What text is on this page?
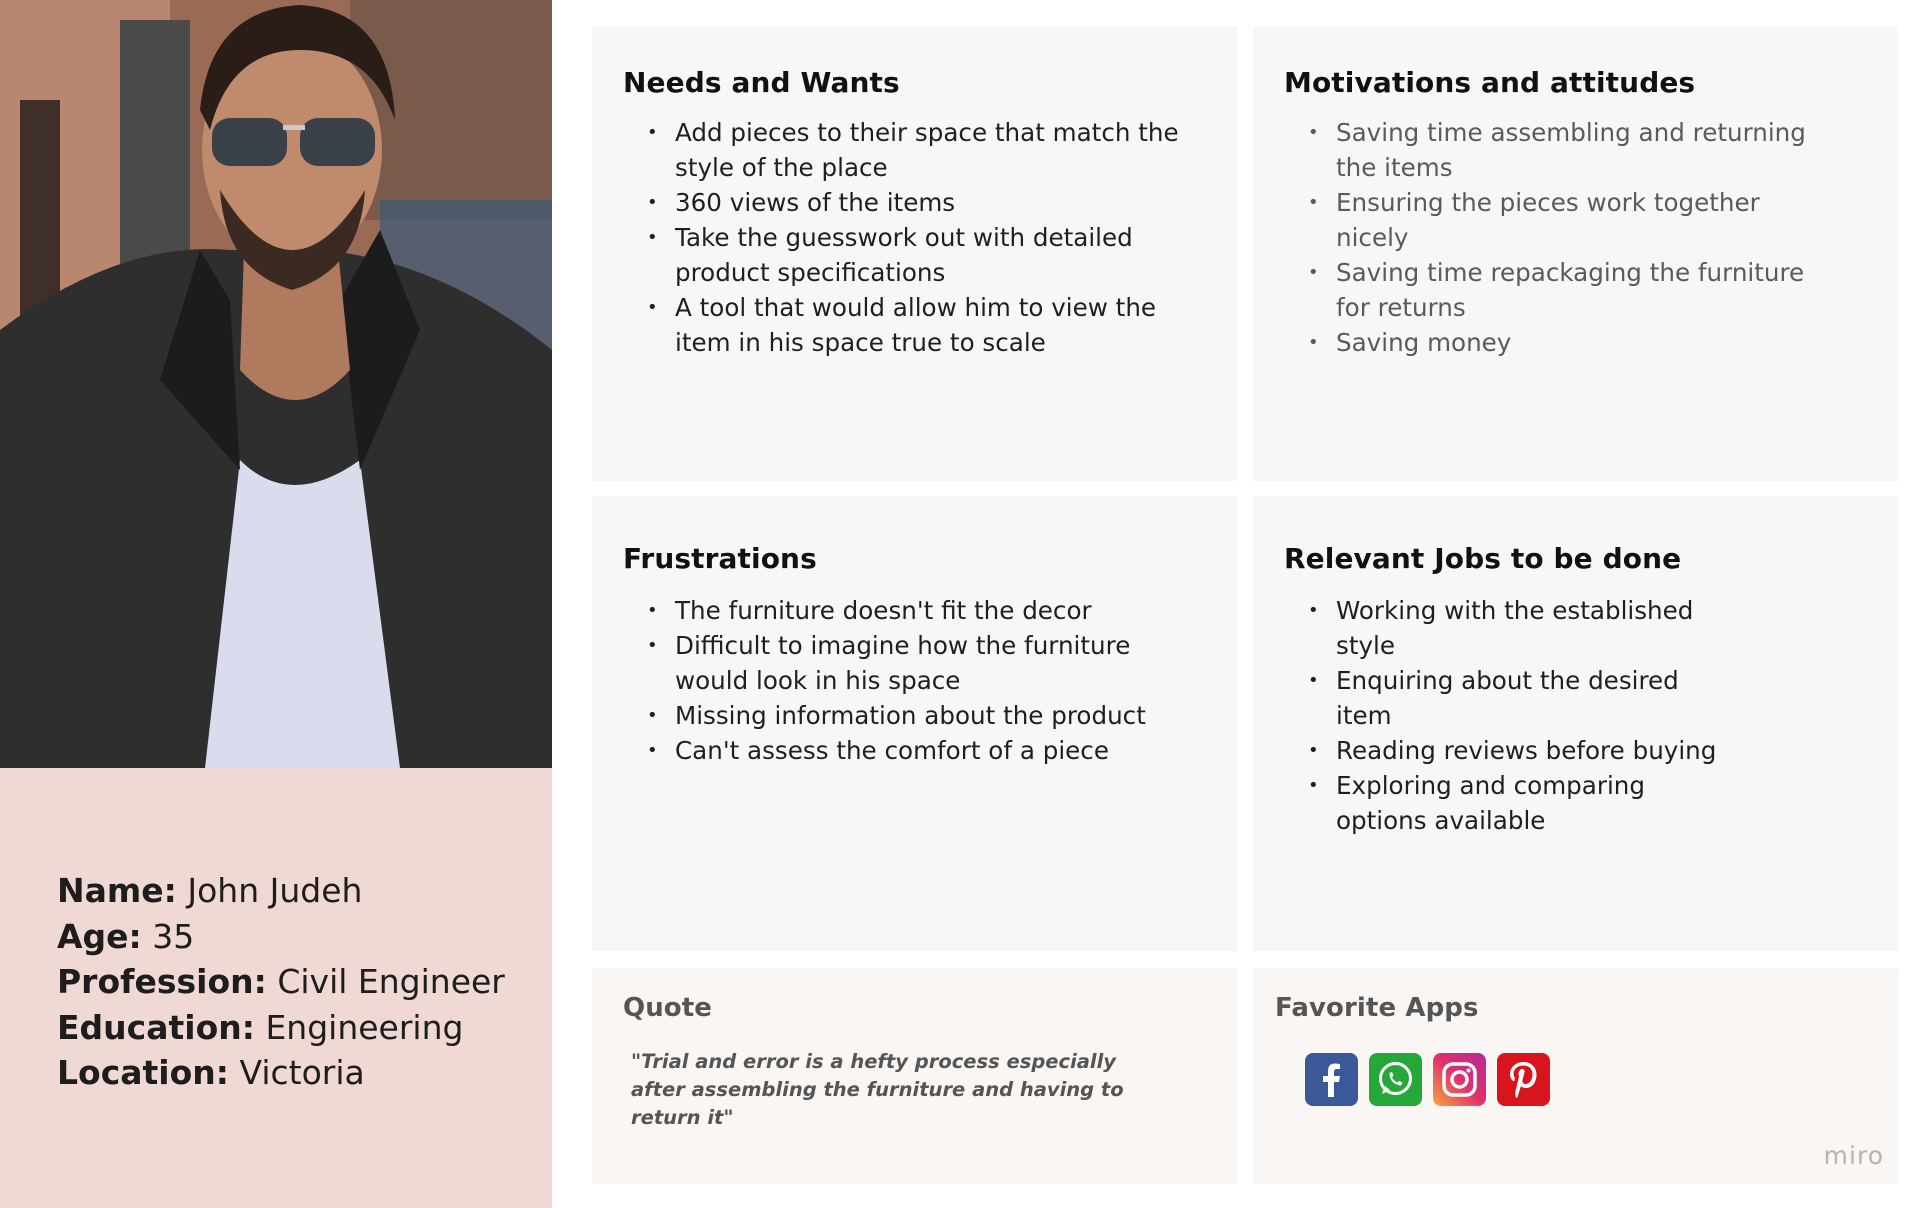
Name: John Judeh
Age: 35
Profession: Civil Engineer
Education: Engineering
Location: Victoria
Needs and Wants
• Add pieces to their space that match the style of the place
• 360 views of the items
• Take the guesswork out with detailed product specifications
• A tool that would allow him to view the item in his space true to scale
Motivations and attitudes
• Saving time assembling and returning the items
• Ensuring the pieces work together nicely
• Saving time repackaging the furniture for returns
• Saving money
Frustrations
• The furniture doesn't fit the decor
• Difficult to imagine how the furniture would look in his space
• Missing information about the product
• Can't assess the comfort of a piece
Relevant Jobs to be done
• Working with the established style
• Enquiring about the desired item
• Reading reviews before buying
• Exploring and comparing options available
Quote
"Trial and error is a hefty process especially after assembling the furniture and having to return it"
Favorite Apps
miro
